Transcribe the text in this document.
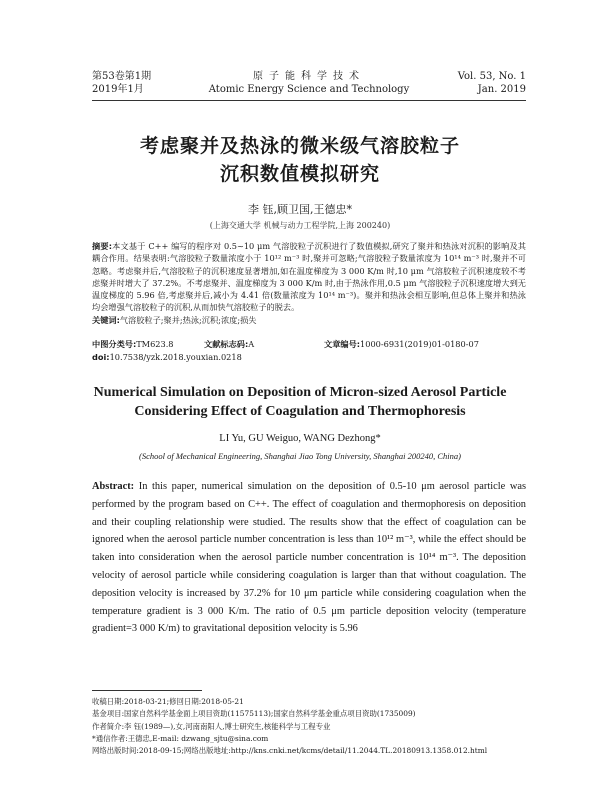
第53卷第1期
2019年1月
原子能科学技术
Atomic Energy Science and Technology
Vol. 53, No. 1
Jan. 2019
考虑聚并及热泳的微米级气溶胶粒子
沉积数值模拟研究
李 钰,顾卫国,王德忠*
(上海交通大学 机械与动力工程学院,上海 200240)

摘要:本文基于 C++ 编写的程序对 0.5~10 μm 气溶胶粒子沉积进行了数值模拟,研究了聚并和热泳对沉积的影响及其耦合作用。结果表明:气溶胶粒子数量浓度小于 10¹² m⁻³ 时,聚并可忽略;气溶胶粒子数量浓度为 10¹⁴ m⁻³ 时,聚并不可忽略。考虑聚并后,气溶胶粒子的沉积速度显著增加,如在温度梯度为 3 000 K/m 时,10 μm 气溶胶粒子沉积速度较不考虑聚并时增大了 37.2%。不考虑聚并、温度梯度为 3 000 K/m 时,由于热泳作用,0.5 μm 气溶胶粒子沉积速度增大到无温度梯度的 5.96 倍,考虑聚并后,减小为 4.41 倍(数量浓度为 10¹⁴ m⁻³)。聚并和热泳会相互影响,但总体上聚并和热泳均会增强气溶胶粒子的沉积,从而加快气溶胶粒子的脱去。

关键词:气溶胶粒子;聚并;热泳;沉积;浓度;损失

中图分类号:TM623.8	文献标志码:A	文章编号:1000-6931(2019)01-0180-07
doi:10.7538/yzk.2018.youxian.0218
Numerical Simulation on Deposition of Micron-sized Aerosol Particle
Considering Effect of Coagulation and Thermophoresis
LI Yu, GU Weiguo, WANG Dezhong*
(School of Mechanical Engineering, Shanghai Jiao Tong University, Shanghai 200240, China)
Abstract: In this paper, numerical simulation on the deposition of 0.5-10 μm aerosol particle was performed by the program based on C++. The effect of coagulation and thermophoresis on deposition and their coupling relationship were studied. The results show that the effect of coagulation can be ignored when the aerosol particle number concentration is less than 10¹² m⁻³, while the effect should be taken into consideration when the aerosol particle number concentration is 10¹⁴ m⁻³. The deposition velocity of aerosol particle while considering coagulation is larger than that without coagulation. The deposition velocity is increased by 37.2% for 10 μm particle while considering coagulation when the temperature gradient is 3 000 K/m. The ratio of 0.5 μm particle deposition velocity (temperature gradient=3 000 K/m) to gravitational deposition velocity is 5.96
收稿日期:2018-03-21;修回日期:2018-05-21
基金项目:国家自然科学基金面上项目资助(11575113);国家自然科学基金重点项目资助(1735009)
作者简介:李 钰(1989—),女,河南南阳人,博士研究生,核能科学与工程专业
*通信作者:王德忠,E-mail: dzwang_sjtu@sina.com
网络出版时间:2018-09-15;网络出版地址:http://kns.cnki.net/kcms/detail/11.2044.TL.20180913.1358.012.html
